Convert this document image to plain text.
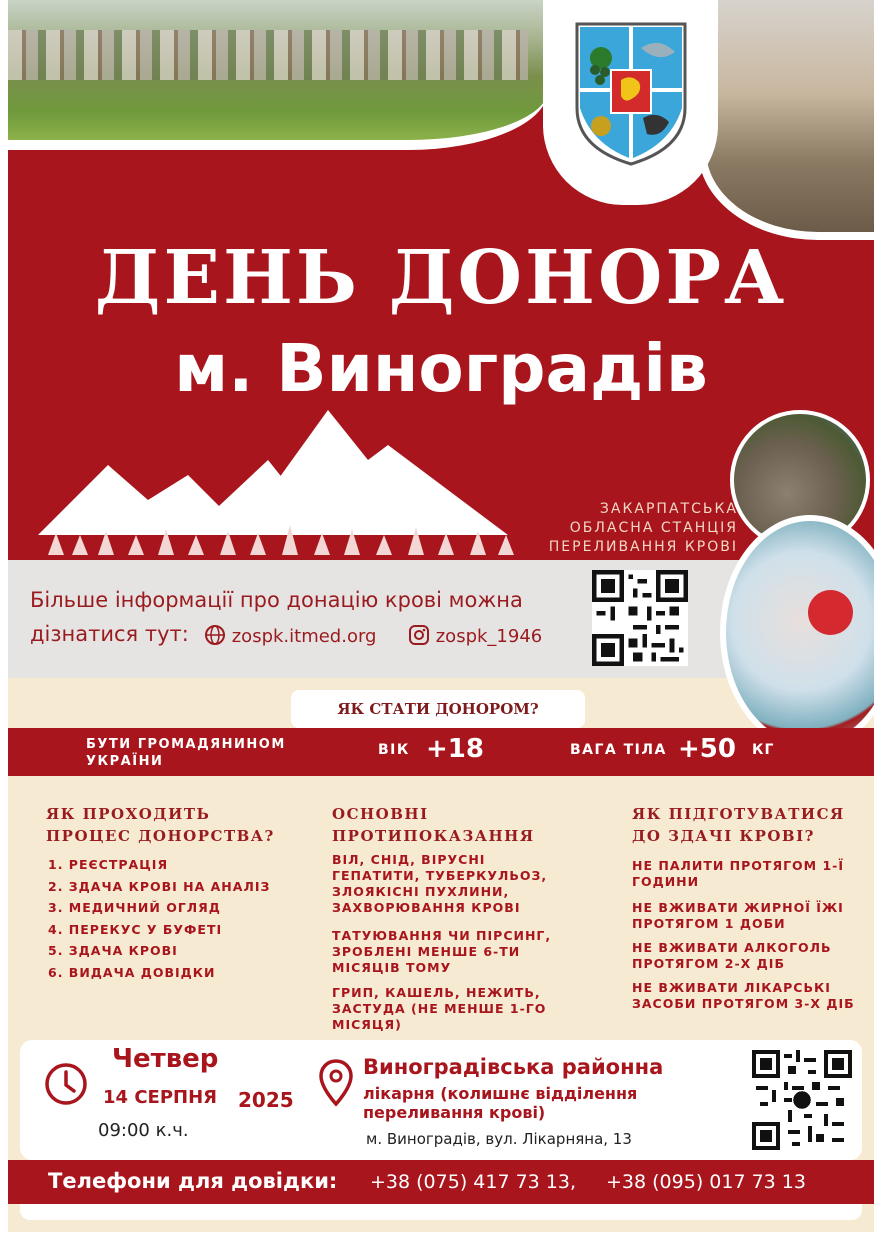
ДЕНЬ ДОНОРА
м. Виноградів
ЗАКАРПАТСЬКА
ОБЛАСНА СТАНЦІЯ
ПЕРЕЛИВАННЯ КРОВІ
Більше інформації про донацію крові можна
дізнатися тут:	zospk.itmed.org	zospk_1946
ЯК СТАТИ ДОНОРОМ?
БУТИ ГРОМАДЯНИНОМ
УКРАЇНИ
ВІК +18	ВАГА ТІЛА +50 КГ
ЯК ПРОХОДИТЬ
ПРОЦЕС ДОНОРСТВА?
1. РЕЄСТРАЦІЯ
2. ЗДАЧА КРОВІ НА АНАЛІЗ
3. МЕДИЧНИЙ ОГЛЯД
4. ПЕРЕКУС У БУФЕТІ
5. ЗДАЧА КРОВІ
6. ВИДАЧА ДОВІДКИ
ОСНОВНІ
ПРОТИПОКАЗАННЯ
ВІЛ, СНІД, ВІРУСНІ
ГЕПАТИТИ, ТУБЕРКУЛЬОЗ,
ЗЛОЯКІСНІ ПУХЛИНИ,
ЗАХВОРЮВАННЯ КРОВІ
ТАТУЮВАННЯ ЧИ ПІРСИНГ,
ЗРОБЛЕНІ МЕНШЕ 6-ТИ
МІСЯЦІВ ТОМУ
ГРИП, КАШЕЛЬ, НЕЖИТЬ,
ЗАСТУДА (НЕ МЕНШЕ 1-ГО
МІСЯЦЯ)
ЯК ПІДГОТУВАТИСЯ
ДО ЗДАЧІ КРОВІ?
НЕ ПАЛИТИ ПРОТЯГОМ 1-Ї
ГОДИНИ
НЕ ВЖИВАТИ ЖИРНОЇ ЇЖІ
ПРОТЯГОМ 1 ДОБИ
НЕ ВЖИВАТИ АЛКОГОЛЬ
ПРОТЯГОМ 2-Х ДІБ
НЕ ВЖИВАТИ ЛІКАРСЬКІ
ЗАСОБИ ПРОТЯГОМ 3-Х ДІБ
Четвер
14 СЕРПНЯ 2025
09:00 к.ч.
Виноградівська районна
лікарня (колишнє відділення
переливання крові)
м. Виноградів, вул. Лікарняна, 13
Телефони для довідки: +38 (075) 417 73 13, +38 (095) 017 73 13
